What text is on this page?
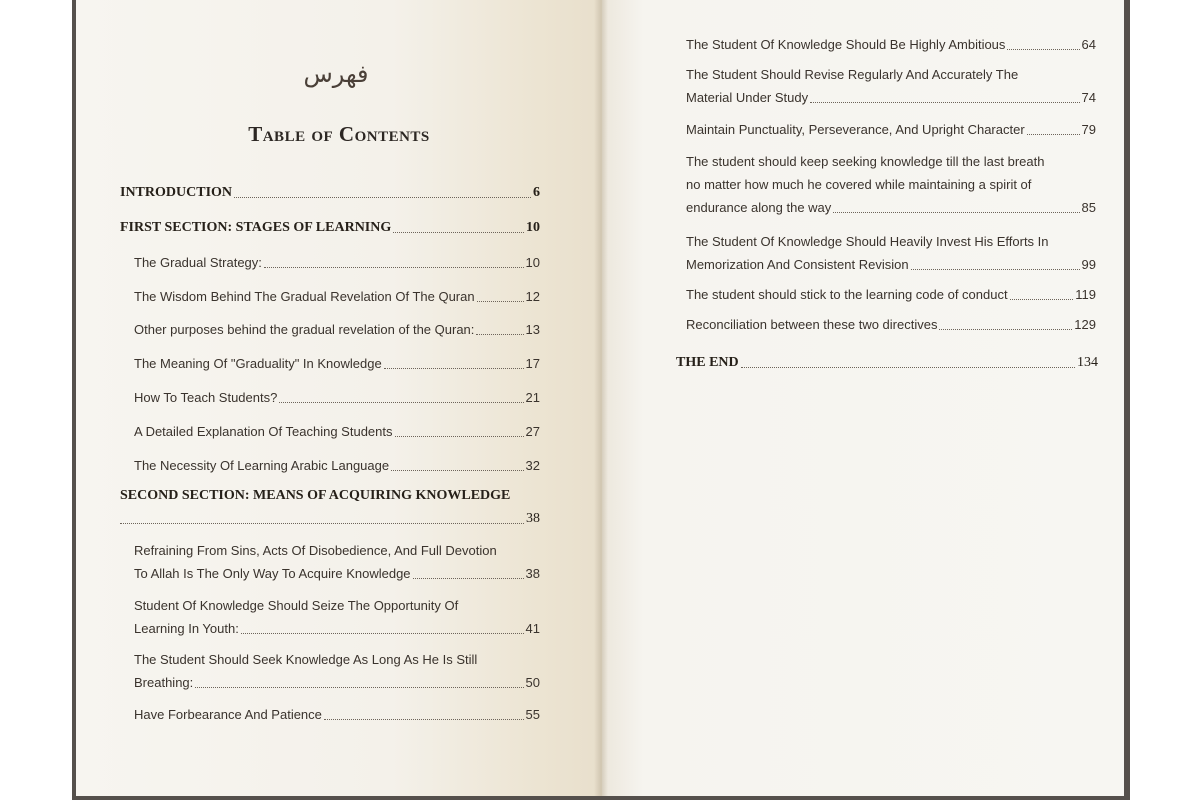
فهرس
Table of Contents
INTRODUCTION	6
FIRST SECTION: STAGES OF LEARNING	10
The Gradual Strategy:	10
The Wisdom Behind The Gradual Revelation Of The Quran	12
Other purposes behind the gradual revelation of the Quran:	13
The Meaning Of "Graduality" In Knowledge	17
How To Teach Students?	21
A Detailed Explanation Of Teaching Students	27
The Necessity Of Learning Arabic Language	32
SECOND SECTION: MEANS OF ACQUIRING KNOWLEDGE
38
Refraining From Sins, Acts Of Disobedience, And Full Devotion
To Allah Is The Only Way To Acquire Knowledge	38
Student Of Knowledge Should Seize The Opportunity Of
Learning In Youth:	41
The Student Should Seek Knowledge As Long As He Is Still
Breathing:	50
Have Forbearance And Patience	55
The Student Of Knowledge Should Be Highly Ambitious	64
The Student Should Revise Regularly And Accurately The
Material Under Study	74
Maintain Punctuality, Perseverance, And Upright Character	79
The student should keep seeking knowledge till the last breath
no matter how much he covered while maintaining a spirit of
endurance along the way	85
The Student Of Knowledge Should Heavily Invest His Efforts In
Memorization And Consistent Revision	99
The student should stick to the learning code of conduct	119
Reconciliation between these two directives	129
THE END	134
